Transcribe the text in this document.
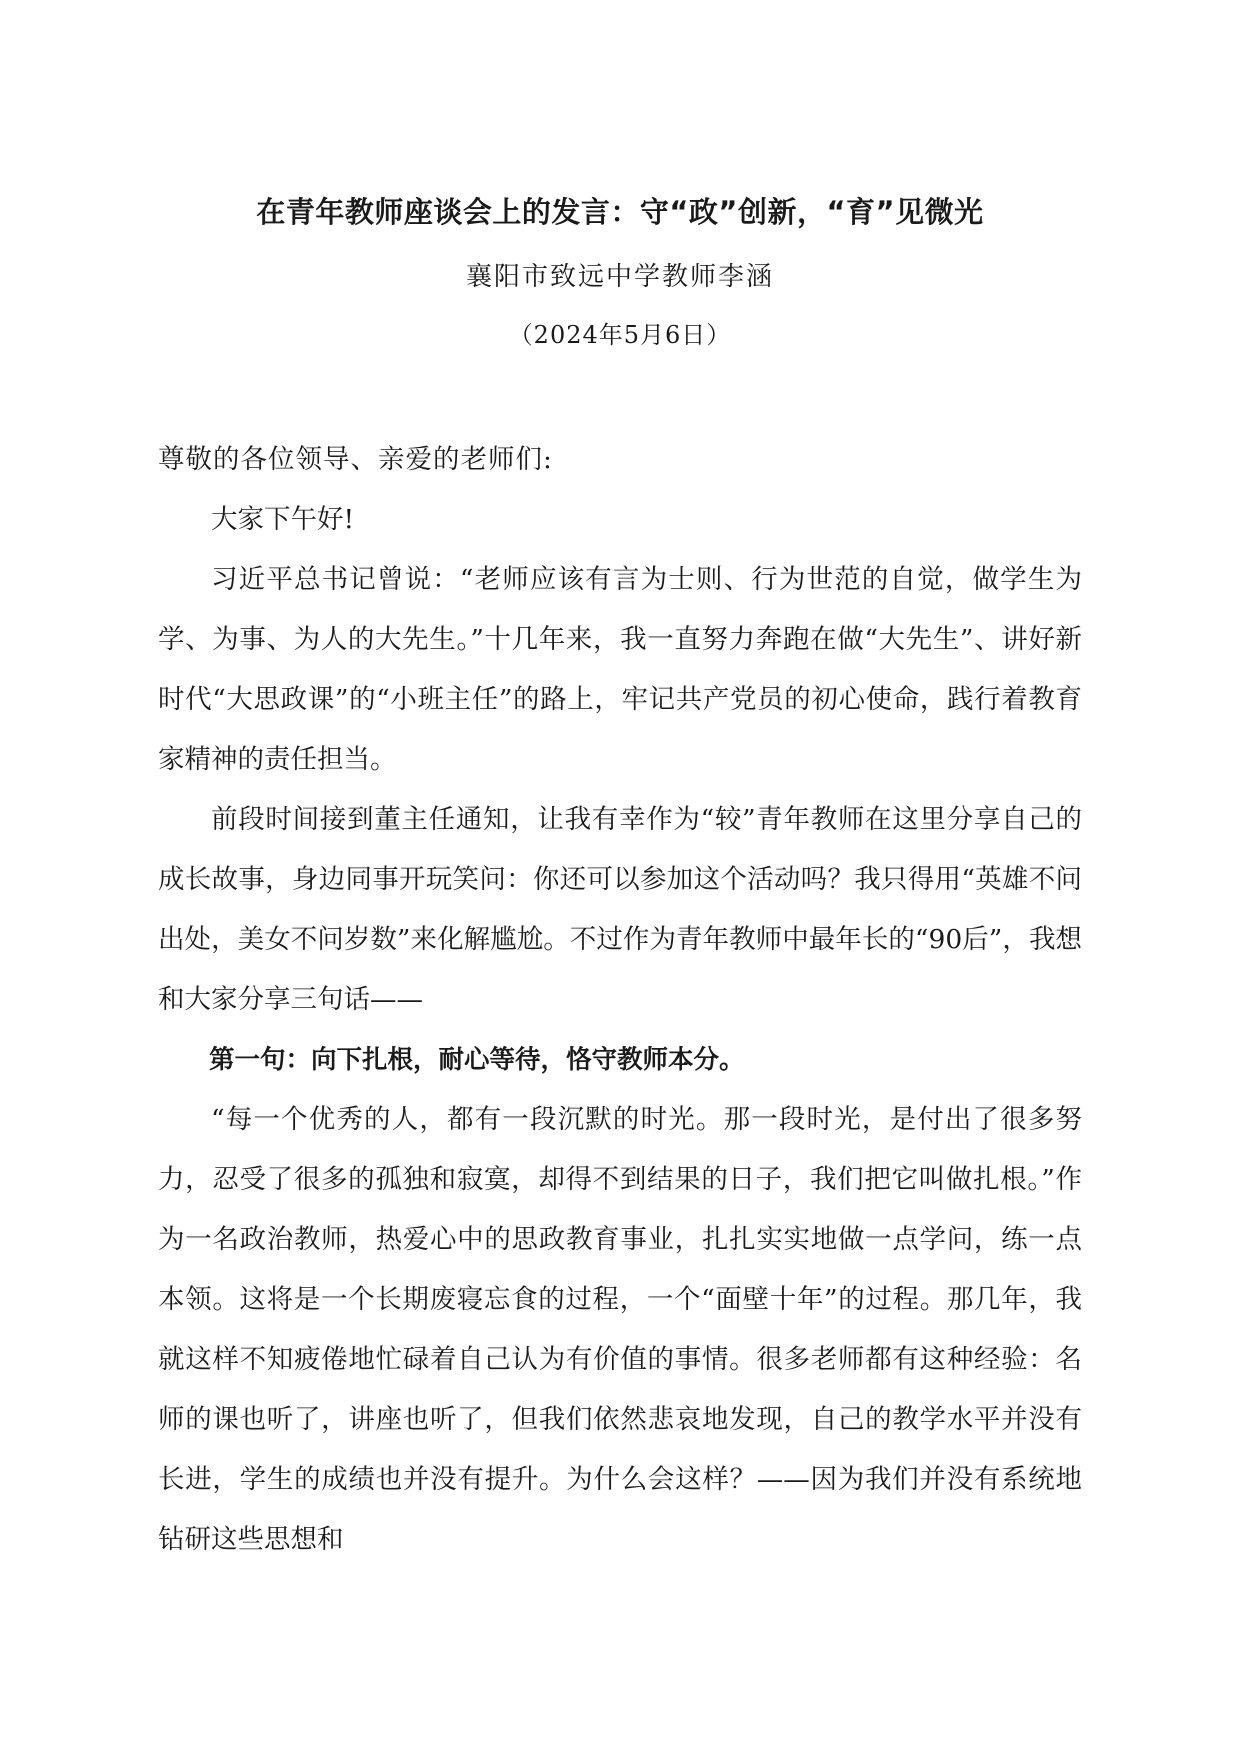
在青年教师座谈会上的发言：守“政”创新，“育”见微光

襄阳市致远中学教师李涵

（2024年5月6日）

尊敬的各位领导、亲爱的老师们:

大家下午好!

习近平总书记曾说：“老师应该有言为士则、行为世范的自觉，做学生为学、为事、为人的大先生。”十几年来，我一直努力奔跑在做“大先生”、讲好新时代“大思政课”的“小班主任”的路上，牢记共产党员的初心使命，践行着教育家精神的责任担当。

前段时间接到董主任通知，让我有幸作为“较”青年教师在这里分享自己的成长故事，身边同事开玩笑问：你还可以参加这个活动吗？我只得用“英雄不问出处，美女不问岁数”来化解尴尬。不过作为青年教师中最年长的“90后”，我想和大家分享三句话——

第一句：向下扎根，耐心等待，恪守教师本分。

“每一个优秀的人，都有一段沉默的时光。那一段时光，是付出了很多努力，忍受了很多的孤独和寂寞，却得不到结果的日子，我们把它叫做扎根。”作为一名政治教师，热爱心中的思政教育事业，扎扎实实地做一点学问，练一点本领。这将是一个长期废寝忘食的过程，一个“面壁十年”的过程。那几年，我就这样不知疲倦地忙碌着自己认为有价值的事情。很多老师都有这种经验：名师的课也听了，讲座也听了，但我们依然悲哀地发现，自己的教学水平并没有长进，学生的成绩也并没有提升。为什么会这样？——因为我们并没有系统地钻研这些思想和
